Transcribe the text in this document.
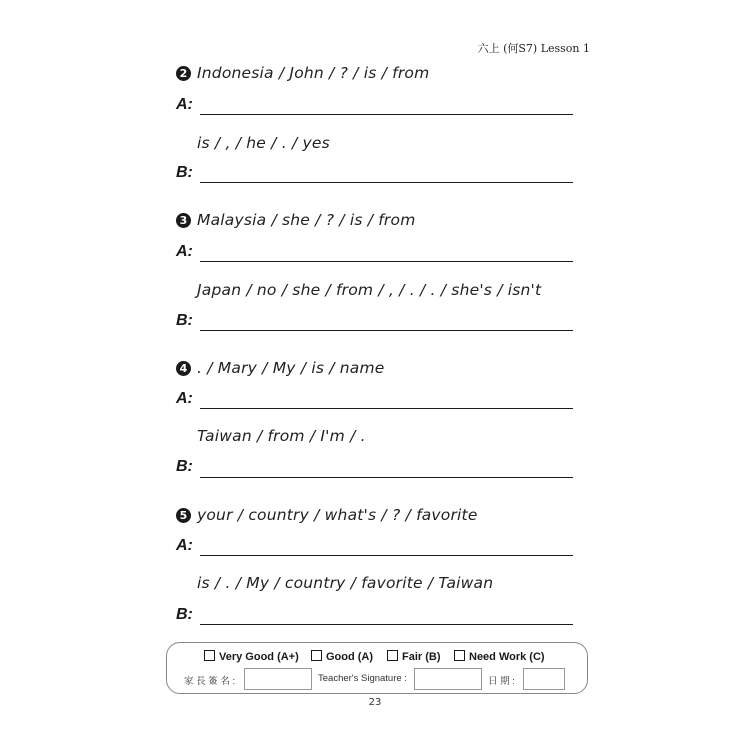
六上 (何S7) Lesson 1
2 Indonesia / John / ? / is / from
A:
is / , / he / . / yes
B:
3 Malaysia / she / ? / is / from
A:
Japan / no / she / from / , / . / . / she's / isn't
B:
4 . / Mary / My / is / name
A:
Taiwan / from / I'm / .
B:
5 your / country / what's / ? / favorite
A:
is / . / My / country / favorite / Taiwan
B:
Very Good (A+)	Good (A)	Fair (B)	Need Work (C)
家 長 簽 名 :	Teacher's Signature :	日 期 :
23
